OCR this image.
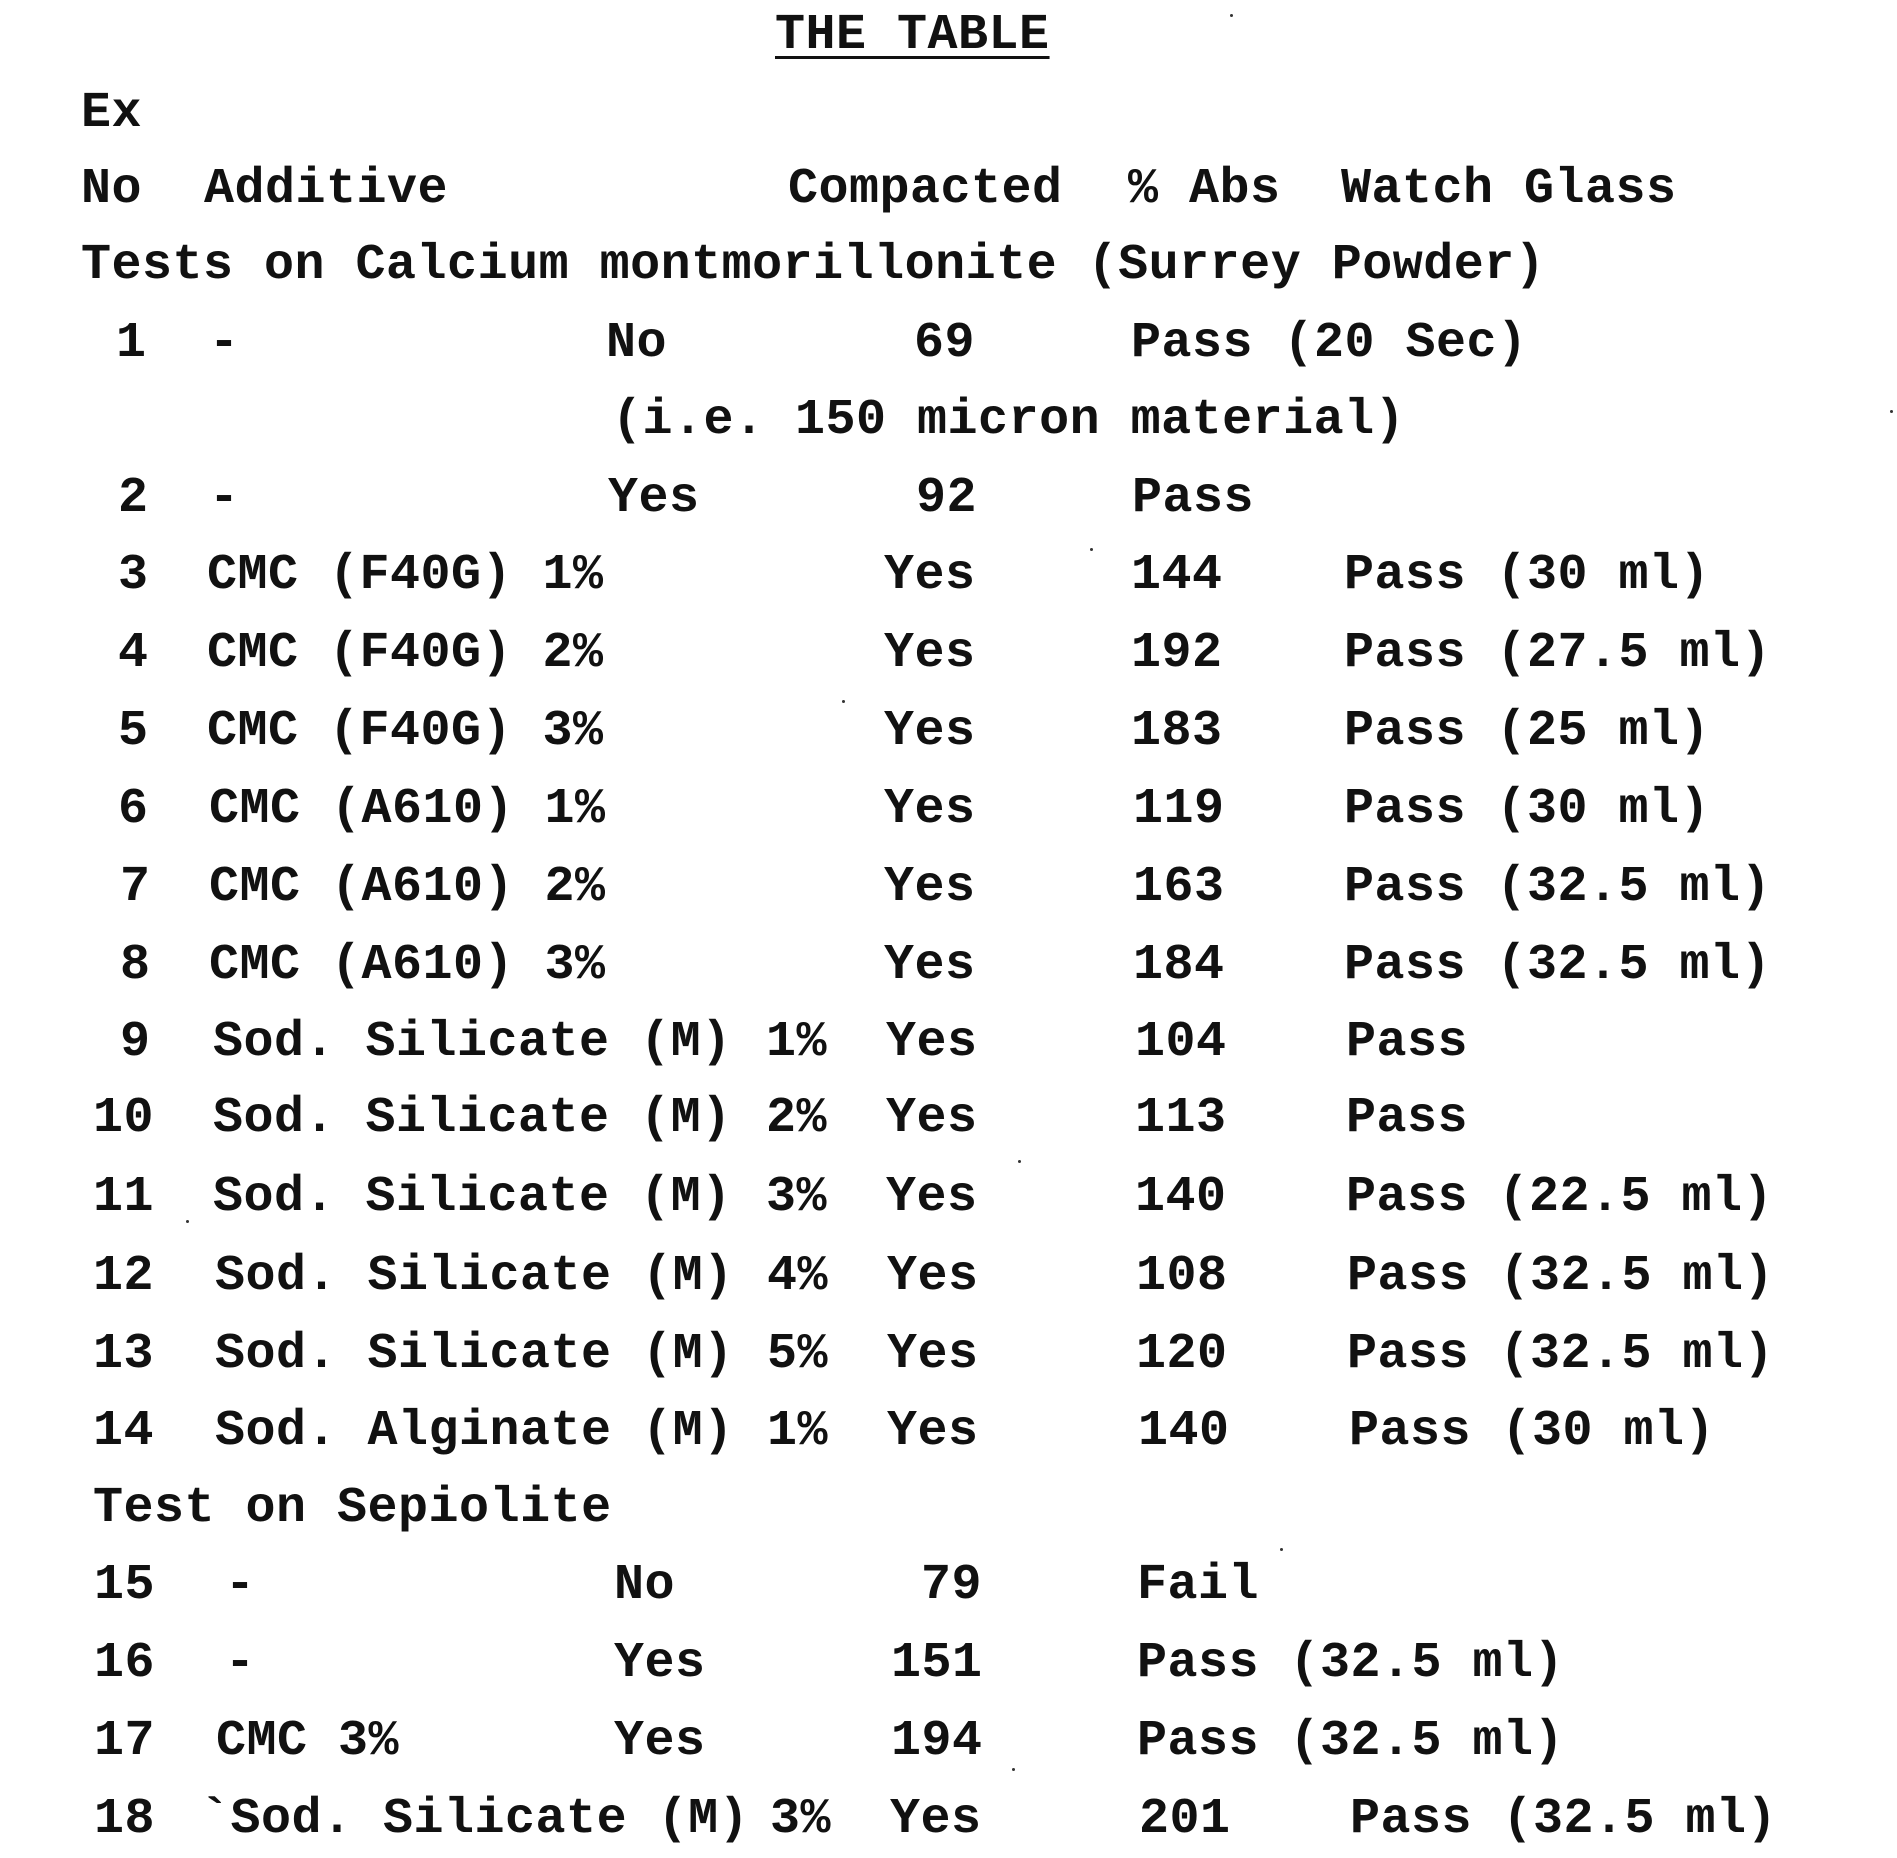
THE TABLE
Ex
No Additive	Compacted % Abs Watch Glass
Tests on Calcium montmorillonite (Surrey Powder)
1 -	No	69	Pass (20 Sec)
(i.e. 150 micron material)
2 -	Yes	92	Pass
3 CMC (F40G) 1%	Yes	144 Pass (30 ml)
4 CMC (F40G) 2%	Yes	192 Pass (27.5 ml)
5 CMC (F40G) 3%	Yes	183 Pass (25 ml)
6 CMC (A610) 1%	Yes	119 Pass (30 ml)
7 CMC (A610) 2%	Yes	163 Pass (32.5 ml)
8 CMC (A610) 3%	Yes	184 Pass (32.5 ml)
9 Sod. Silicate (M) 1% Yes	104 Pass
10 Sod. Silicate (M) 2% Yes	113 Pass
11 Sod. Silicate (M) 3% Yes	140 Pass (22.5 ml)
12 Sod. Silicate (M) 4% Yes	108 Pass (32.5 ml)
13 Sod. Silicate (M) 5% Yes	120 Pass (32.5 ml)
14 Sod. Alginate (M) 1% Yes	140 Pass (30 ml)
Test on Sepiolite
15 -	No	79	Fail
16 -	Yes	151	Pass (32.5 ml)
17 CMC 3%	Yes	194	Pass (32.5 ml)
18 `Sod. Silicate (M) 3% Yes	201 Pass (32.5 ml)
